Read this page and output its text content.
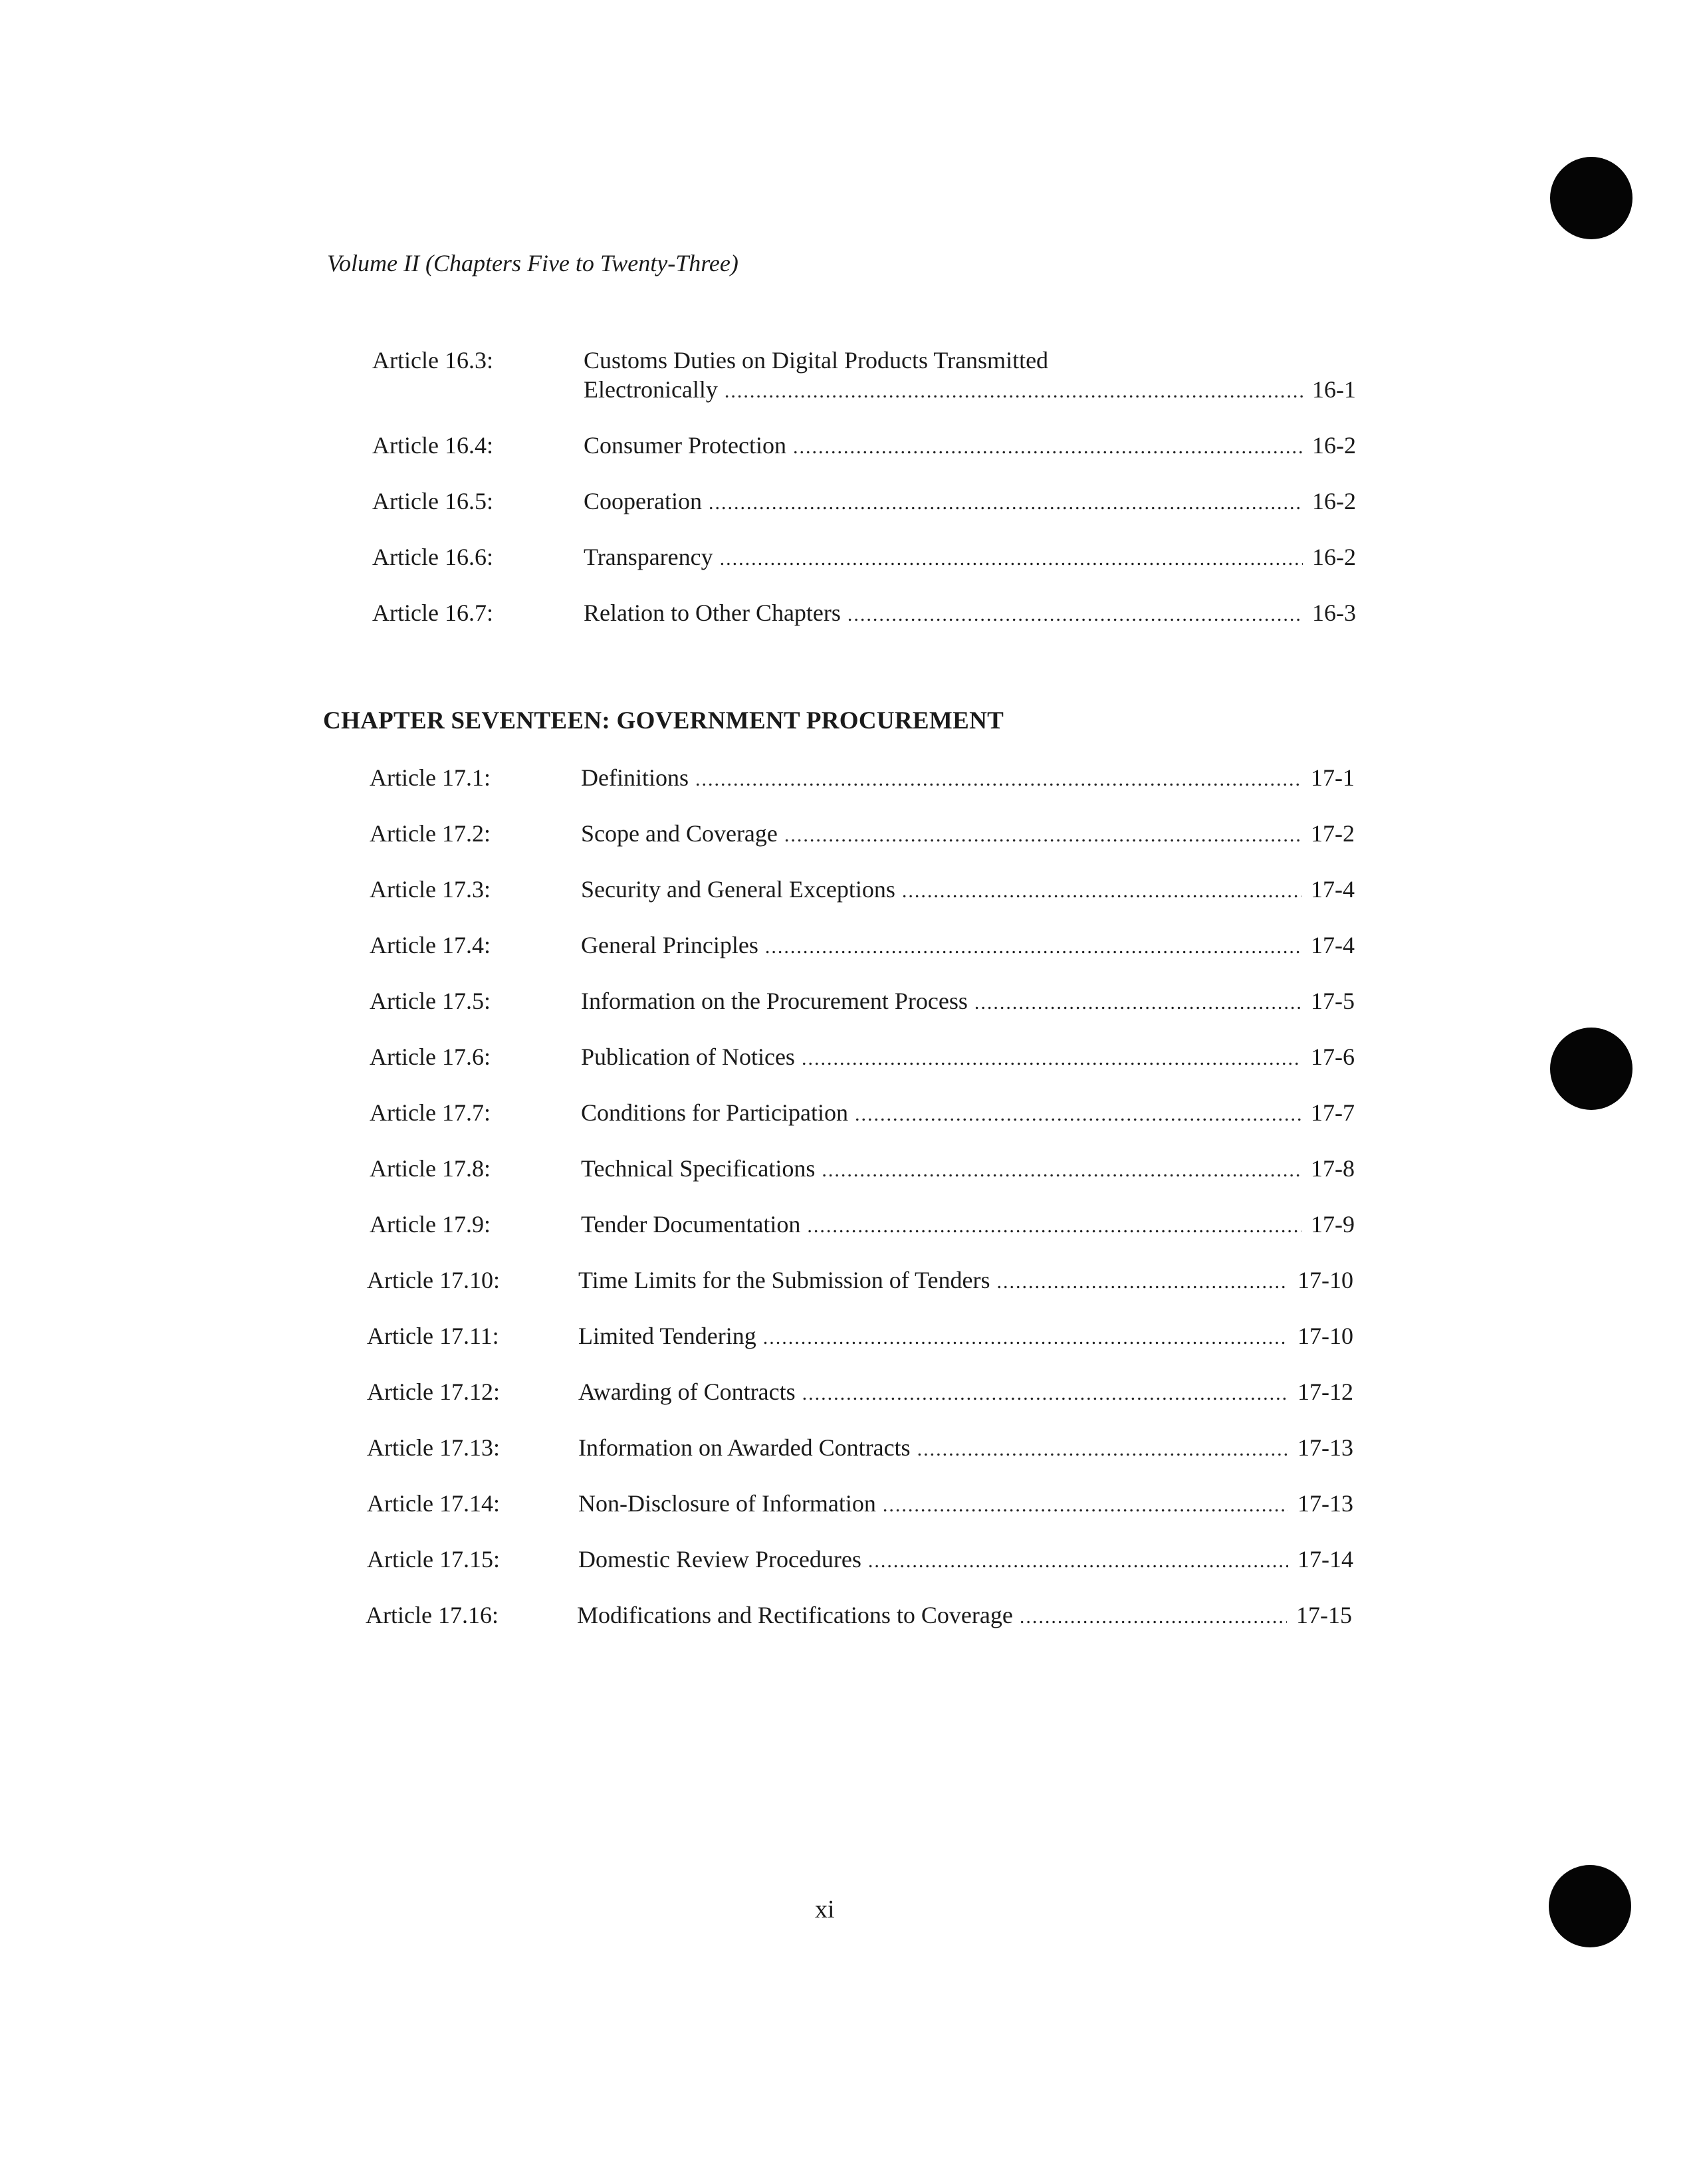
Volume II (Chapters Five to Twenty-Three)
Article 16.3:	Customs Duties on Digital Products Transmitted
Electronically .....	16-1
Article 16.4:	Consumer Protection .....	16-2
Article 16.5:	Cooperation .....	16-2
Article 16.6:	Transparency .....	16-2
Article 16.7:	Relation to Other Chapters .....	16-3
CHAPTER SEVENTEEN: GOVERNMENT PROCUREMENT
Article 17.1:	Definitions .....	17-1
Article 17.2:	Scope and Coverage .....	17-2
Article 17.3:	Security and General Exceptions .....	17-4
Article 17.4:	General Principles .....	17-4
Article 17.5:	Information on the Procurement Process .....	17-5
Article 17.6:	Publication of Notices .....	17-6
Article 17.7:	Conditions for Participation .....	17-7
Article 17.8:	Technical Specifications .....	17-8
Article 17.9:	Tender Documentation .....	17-9
Article 17.10:	Time Limits for the Submission of Tenders .....	17-10
Article 17.11:	Limited Tendering .....	17-10
Article 17.12:	Awarding of Contracts .....	17-12
Article 17.13:	Information on Awarded Contracts .....	17-13
Article 17.14:	Non-Disclosure of Information .....	17-13
Article 17.15:	Domestic Review Procedures .....	17-14
Article 17.16:	Modifications and Rectifications to Coverage .....	17-15
xi
